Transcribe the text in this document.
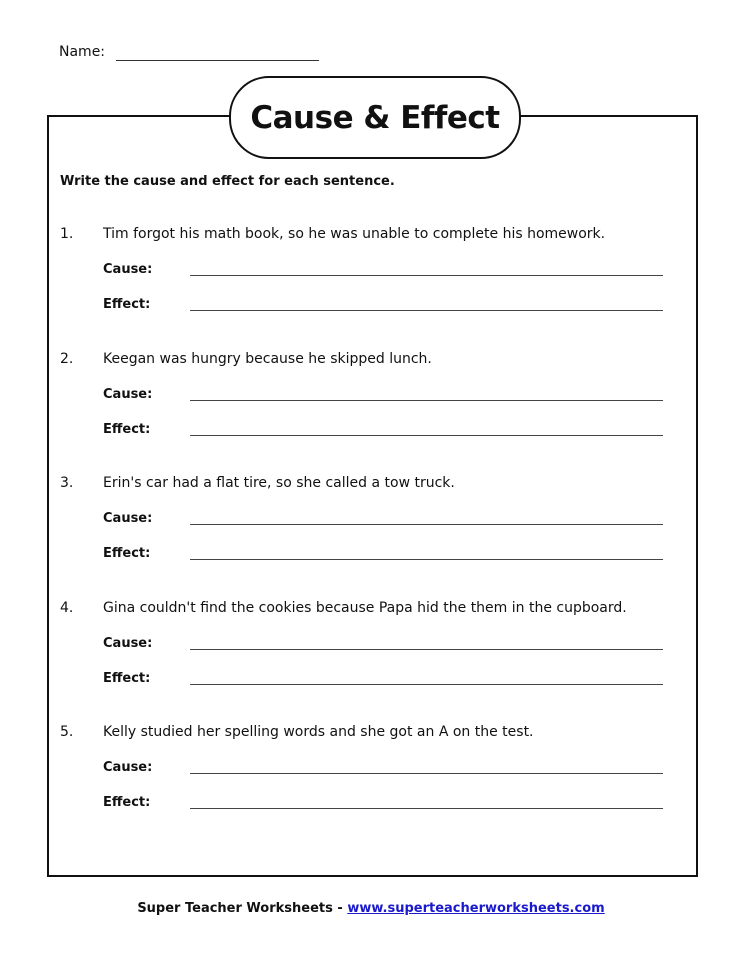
Name:
Cause & Effect
Write the cause and effect for each sentence.
1. Tim forgot his math book, so he was unable to complete his homework.
Cause:
Effect:
2. Keegan was hungry because he skipped lunch.
Cause:
Effect:
3. Erin's car had a flat tire, so she called a tow truck.
Cause:
Effect:
4. Gina couldn't find the cookies because Papa hid the them in the cupboard.
Cause:
Effect:
5. Kelly studied her spelling words and she got an A on the test.
Cause:
Effect:
Super Teacher Worksheets - www.superteacherworksheets.com
